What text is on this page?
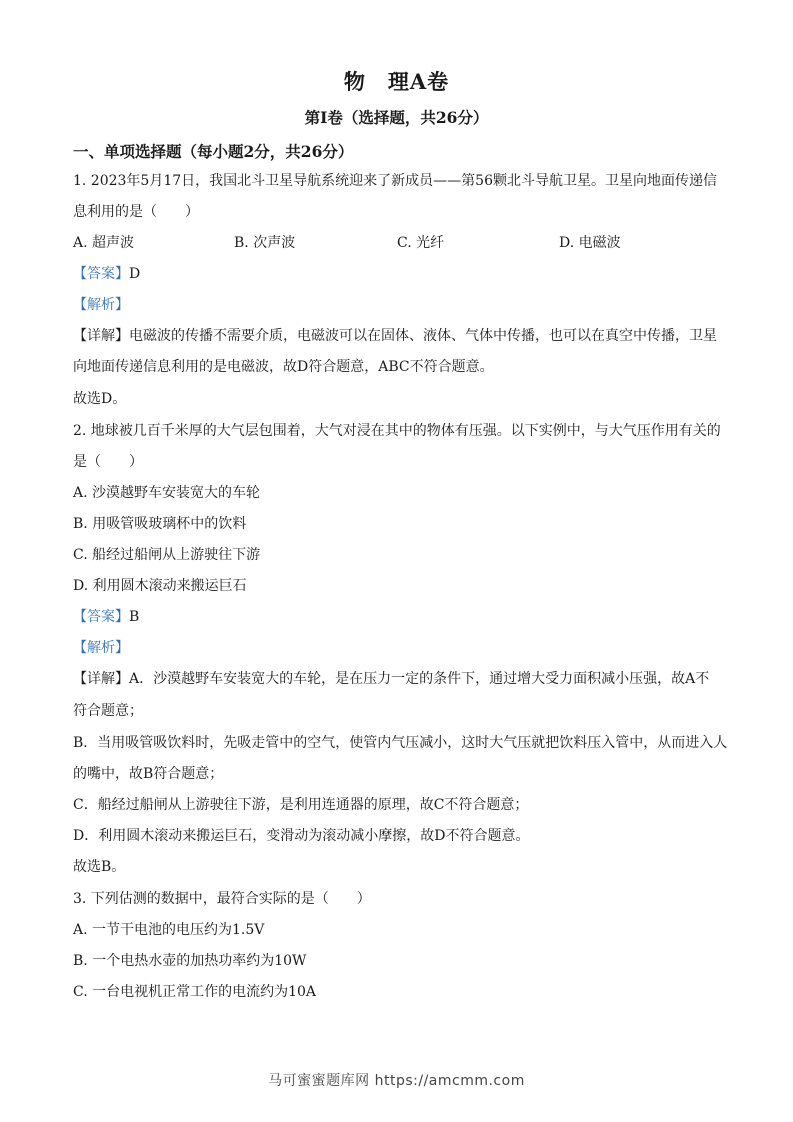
物　理A卷
第Ⅰ卷（选择题，共26分）
一、单项选择题（每小题2分，共26分）
1. 2023年5月17日，我国北斗卫星导航系统迎来了新成员——第56颗北斗导航卫星。卫星向地面传递信
息利用的是（　　）
A. 超声波	B. 次声波	C. 光纤	D. 电磁波
【答案】D
【解析】
【详解】电磁波的传播不需要介质，电磁波可以在固体、液体、气体中传播，也可以在真空中传播，卫星
向地面传递信息利用的是电磁波，故D符合题意，ABC不符合题意。
故选D。
2. 地球被几百千米厚的大气层包围着，大气对浸在其中的物体有压强。以下实例中，与大气压作用有关的
是（　　）
A. 沙漠越野车安装宽大的车轮
B. 用吸管吸玻璃杯中的饮料
C. 船经过船闸从上游驶往下游
D. 利用圆木滚动来搬运巨石
【答案】B
【解析】
【详解】A．沙漠越野车安装宽大的车轮，是在压力一定的条件下，通过增大受力面积减小压强，故A不
符合题意；
B．当用吸管吸饮料时，先吸走管中的空气，使管内气压减小，这时大气压就把饮料压入管中，从而进入人
的嘴中，故B符合题意；
C．船经过船闸从上游驶往下游，是利用连通器的原理，故C不符合题意；
D．利用圆木滚动来搬运巨石，变滑动为滚动减小摩擦，故D不符合题意。
故选B。
3. 下列估测的数据中，最符合实际的是（　　）
A. 一节干电池的电压约为1.5V
B. 一个电热水壶的加热功率约为10W
C. 一台电视机正常工作的电流约为10A
马可蜜蜜题库网 https://amcmm.com
